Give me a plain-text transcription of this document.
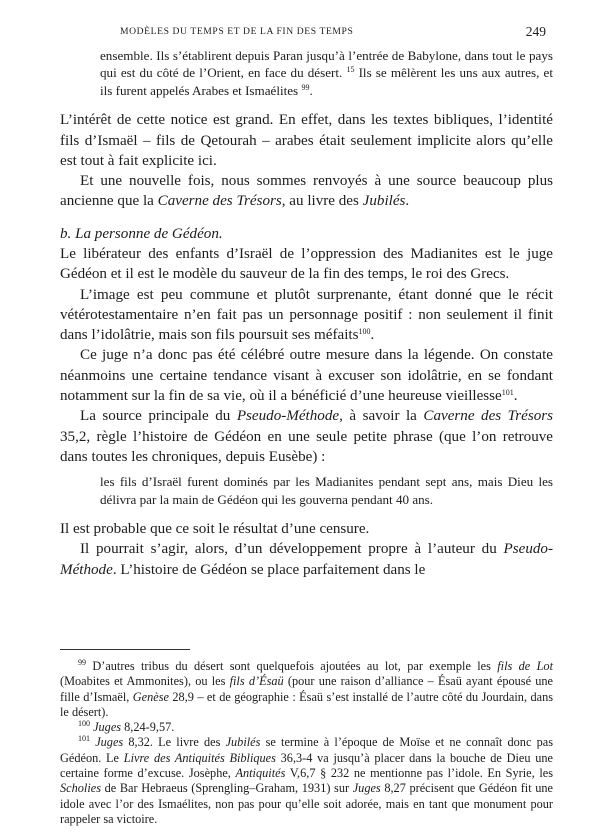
MODÈLES DU TEMPS ET DE LA FIN DES TEMPS	249

ensemble. Ils s’établirent depuis Paran jusqu’à l’entrée de Babylone, dans tout le pays qui est du côté de l’Orient, en face du désert. $^{15}$ Ils se mêlèrent les uns aux autres, et ils furent appelés Arabes et Ismaélites $^{99}$.

L’intérêt de cette notice est grand. En effet, dans les textes bibliques, l’identité fils d’Ismaël – fils de Qetourah – arabes était seulement implicite alors qu’elle est tout à fait explicite ici.

Et une nouvelle fois, nous sommes renvoyés à une source beaucoup plus ancienne que la Caverne des Trésors, au livre des Jubilés.

b. La personne de Gédéon.

Le libérateur des enfants d’Israël de l’oppression des Madianites est le juge Gédéon et il est le modèle du sauveur de la fin des temps, le roi des Grecs.

L’image est peu commune et plutôt surprenante, étant donné que le récit vétérotestamentaire n’en fait pas un personnage positif : non seulement il finit dans l’idolâtrie, mais son fils poursuit ses méfaits$^{100}$.

Ce juge n’a donc pas été célébré outre mesure dans la légende. On constate néanmoins une certaine tendance visant à excuser son idolâtrie, en se fondant notamment sur la fin de sa vie, où il a bénéficié d’une heureuse vieillesse$^{101}$.

La source principale du Pseudo-Méthode, à savoir la Caverne des Trésors 35,2, règle l’histoire de Gédéon en une seule petite phrase (que l’on retrouve dans toutes les chroniques, depuis Eusèbe) :

les fils d’Israël furent dominés par les Madianites pendant sept ans, mais Dieu les délivra par la main de Gédéon qui les gouverna pendant 40 ans.

Il est probable que ce soit le résultat d’une censure.

Il pourrait s’agir, alors, d’un développement propre à l’auteur du Pseudo-Méthode. L’histoire de Gédéon se place parfaitement dans le

$^{99}$ D’autres tribus du désert sont quelquefois ajoutées au lot, par exemple les fils de Lot (Moabites et Ammonites), ou les fils d’Ésaü (pour une raison d’alliance – Ésaü ayant épousé une fille d’Ismaël, Genèse 28,9 – et de géographie : Ésaü s’est installé de l’autre côté du Jourdain, dans le désert).

$^{100}$ Juges 8,24-9,57.

$^{101}$ Juges 8,32. Le livre des Jubilés se termine à l’époque de Moïse et ne connaît donc pas Gédéon. Le Livre des Antiquités Bibliques 36,3-4 va jusqu’à placer dans la bouche de Dieu une certaine forme d’excuse. Josèphe, Antiquités V,6,7 § 232 ne mentionne pas l’idole. En Syrie, les Scholies de Bar Hebraeus (Sprengling–Graham, 1931) sur Juges 8,27 précisent que Gédéon fit une idole avec l’or des Ismaélites, non pas pour qu’elle soit adorée, mais en tant que monument pour rappeler sa victoire.
